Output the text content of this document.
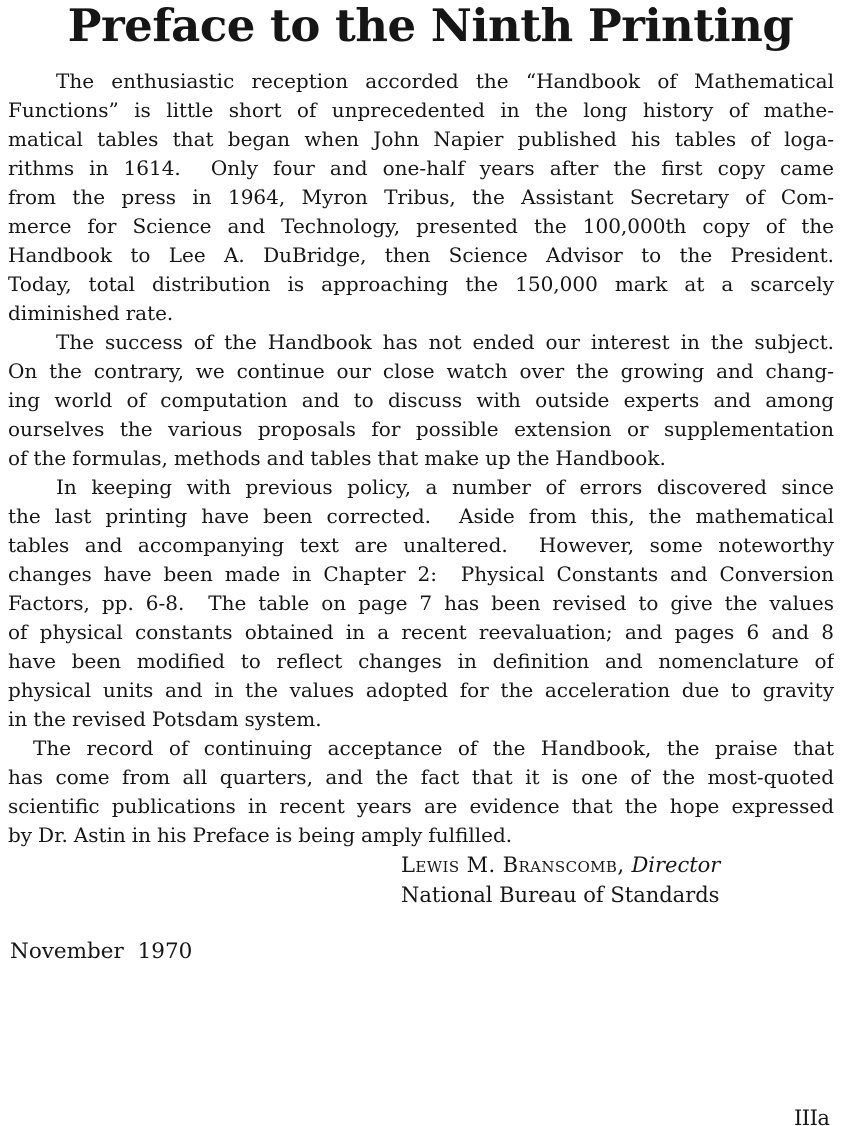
Preface to the Ninth Printing
The enthusiastic reception accorded the “Handbook of Mathematical
Functions” is little short of unprecedented in the long history of mathe-
matical tables that began when John Napier published his tables of loga-
rithms in 1614.  Only four and one-half years after the first copy came
from the press in 1964, Myron Tribus, the Assistant Secretary of Com-
merce for Science and Technology, presented the 100,000th copy of the
Handbook to Lee A. DuBridge, then Science Advisor to the President.
Today, total distribution is approaching the 150,000 mark at a scarcely
diminished rate.
The success of the Handbook has not ended our interest in the subject.
On the contrary, we continue our close watch over the growing and chang-
ing world of computation and to discuss with outside experts and among
ourselves the various proposals for possible extension or supplementation
of the formulas, methods and tables that make up the Handbook.
In keeping with previous policy, a number of errors discovered since
the last printing have been corrected.  Aside from this, the mathematical
tables and accompanying text are unaltered.  However, some noteworthy
changes have been made in Chapter 2:  Physical Constants and Conversion
Factors, pp. 6-8.  The table on page 7 has been revised to give the values
of physical constants obtained in a recent reevaluation; and pages 6 and 8
have been modified to reflect changes in definition and nomenclature of
physical units and in the values adopted for the acceleration due to gravity
in the revised Potsdam system.
The record of continuing acceptance of the Handbook, the praise that
has come from all quarters, and the fact that it is one of the most-quoted
scientific publications in recent years are evidence that the hope expressed
by Dr. Astin in his Preface is being amply fulfilled.
Lewis M. Branscomb, Director
National Bureau of Standards
November 1970
IIIa
